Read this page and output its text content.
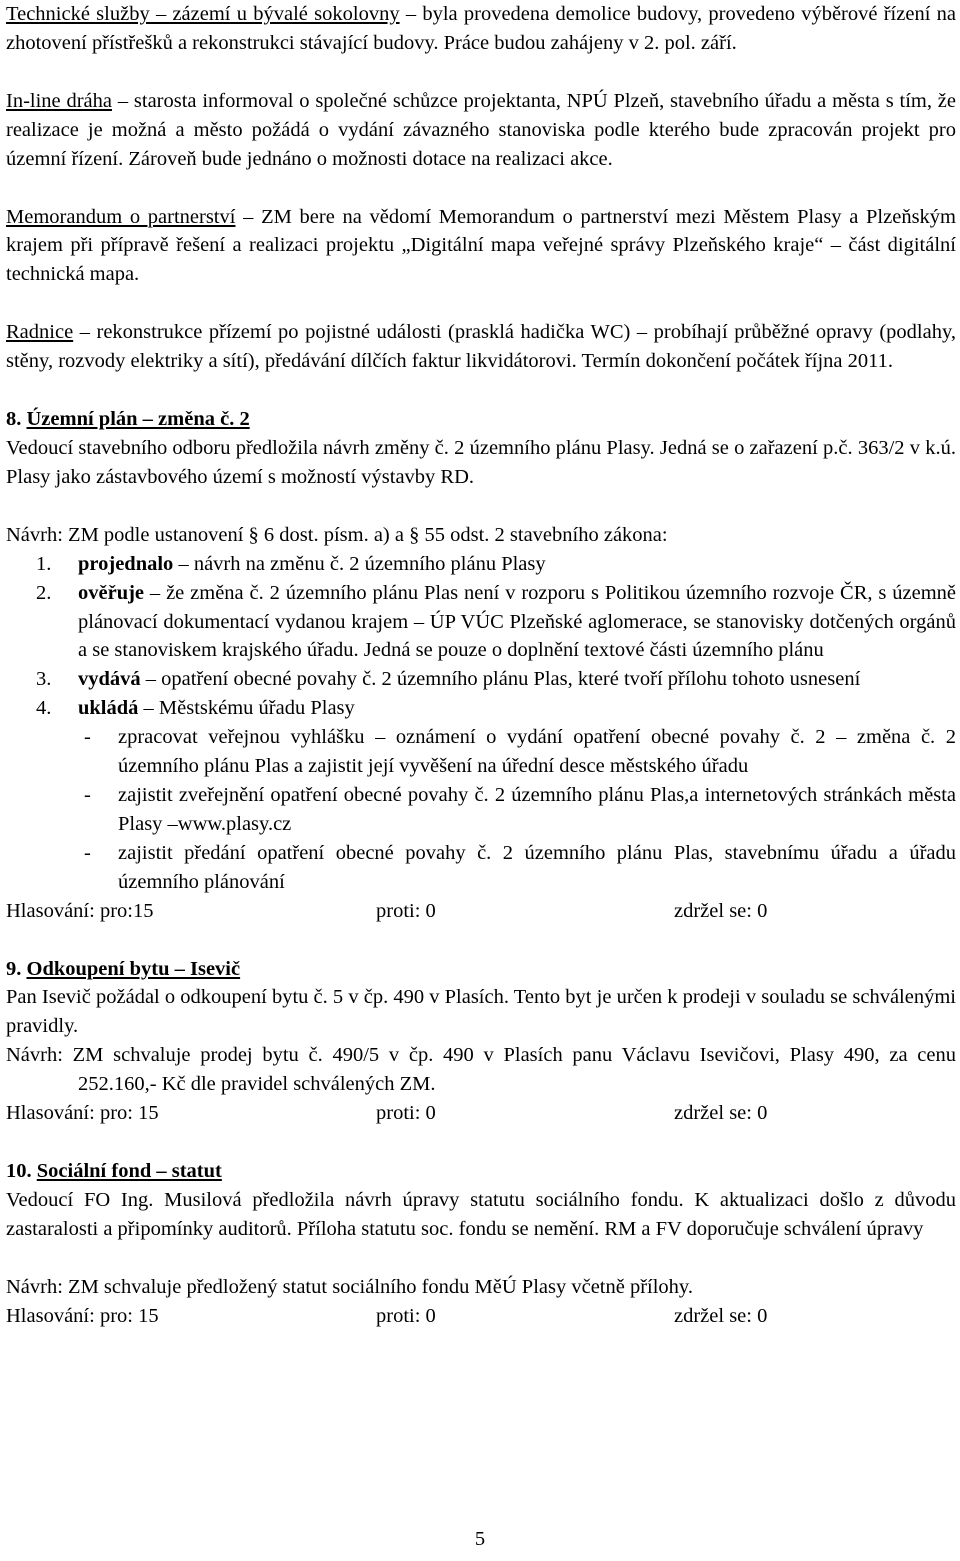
Technické služby – zázemí u bývalé sokolovny – byla provedena demolice budovy, provedeno výběrové řízení na zhotovení přístřešků a rekonstrukci stávající budovy. Práce budou zahájeny v 2. pol. září.

In-line dráha – starosta informoval o společné schůzce projektanta, NPÚ Plzeň, stavebního úřadu a města s tím, že realizace je možná a město požádá o vydání závazného stanoviska podle kterého bude zpracován projekt pro územní řízení. Zároveň bude jednáno o možnosti dotace na realizaci akce.

Memorandum o partnerství – ZM bere na vědomí Memorandum o partnerství mezi Městem Plasy a Plzeňským krajem při přípravě řešení a realizaci projektu „Digitální mapa veřejné správy Plzeňského kraje“ – část digitální technická mapa.

Radnice – rekonstrukce přízemí po pojistné události (prasklá hadička WC) – probíhají průběžné opravy (podlahy, stěny, rozvody elektriky a sítí), předávání dílčích faktur likvidátorovi. Termín dokončení počátek října 2011.

8. Územní plán – změna č. 2

Vedoucí stavebního odboru předložila návrh změny č. 2 územního plánu Plasy. Jedná se o zařazení p.č. 363/2 v k.ú. Plasy jako zástavbového území s možností výstavby RD.

Návrh: ZM podle ustanovení § 6 dost. písm. a) a § 55 odst. 2 stavebního zákona:

1. projednalo – návrh na změnu č. 2 územního plánu Plasy
2. ověřuje – že změna č. 2 územního plánu Plas není v rozporu s Politikou územního rozvoje ČR, s územně plánovací dokumentací vydanou krajem – ÚP VÚC Plzeňské aglomerace, se stanovisky dotčených orgánů a se stanoviskem krajského úřadu. Jedná se pouze o doplnění textové části územního plánu
3. vydává – opatření obecné povahy č. 2 územního plánu Plas, které tvoří přílohu tohoto usnesení
4. ukládá – Městskému úřadu Plasy
- zpracovat veřejnou vyhlášku – oznámení o vydání opatření obecné povahy č. 2 – změna č. 2 územního plánu Plas a zajistit její vyvěšení na úřední desce městského úřadu
- zajistit zveřejnění opatření obecné povahy č. 2 územního plánu Plas,a internetových stránkách města Plasy –www.plasy.cz
- zajistit předání opatření obecné povahy č. 2 územního plánu Plas, stavebnímu úřadu a úřadu územního plánování
Hlasování: pro:15	proti: 0	zdržel se: 0

9. Odkoupení bytu – Isevič

Pan Isevič požádal o odkoupení bytu č. 5 v čp. 490 v Plasích. Tento byt je určen k prodeji v souladu se schválenými pravidly.

Návrh: ZM schvaluje prodej bytu č. 490/5 v čp. 490 v Plasích panu Václavu Isevičovi, Plasy 490, za cenu 252.160,- Kč dle pravidel schválených ZM.

Hlasování: pro: 15	proti: 0	zdržel se: 0

10. Sociální fond – statut

Vedoucí FO Ing. Musilová předložila návrh úpravy statutu sociálního fondu. K aktualizaci došlo z důvodu zastaralosti a připomínky auditorů. Příloha statutu soc. fondu se nemění. RM a FV doporučuje schválení úpravy

Návrh: ZM schvaluje předložený statut sociálního fondu MěÚ Plasy včetně přílohy.

Hlasování: pro: 15	proti: 0	zdržel se: 0
5
